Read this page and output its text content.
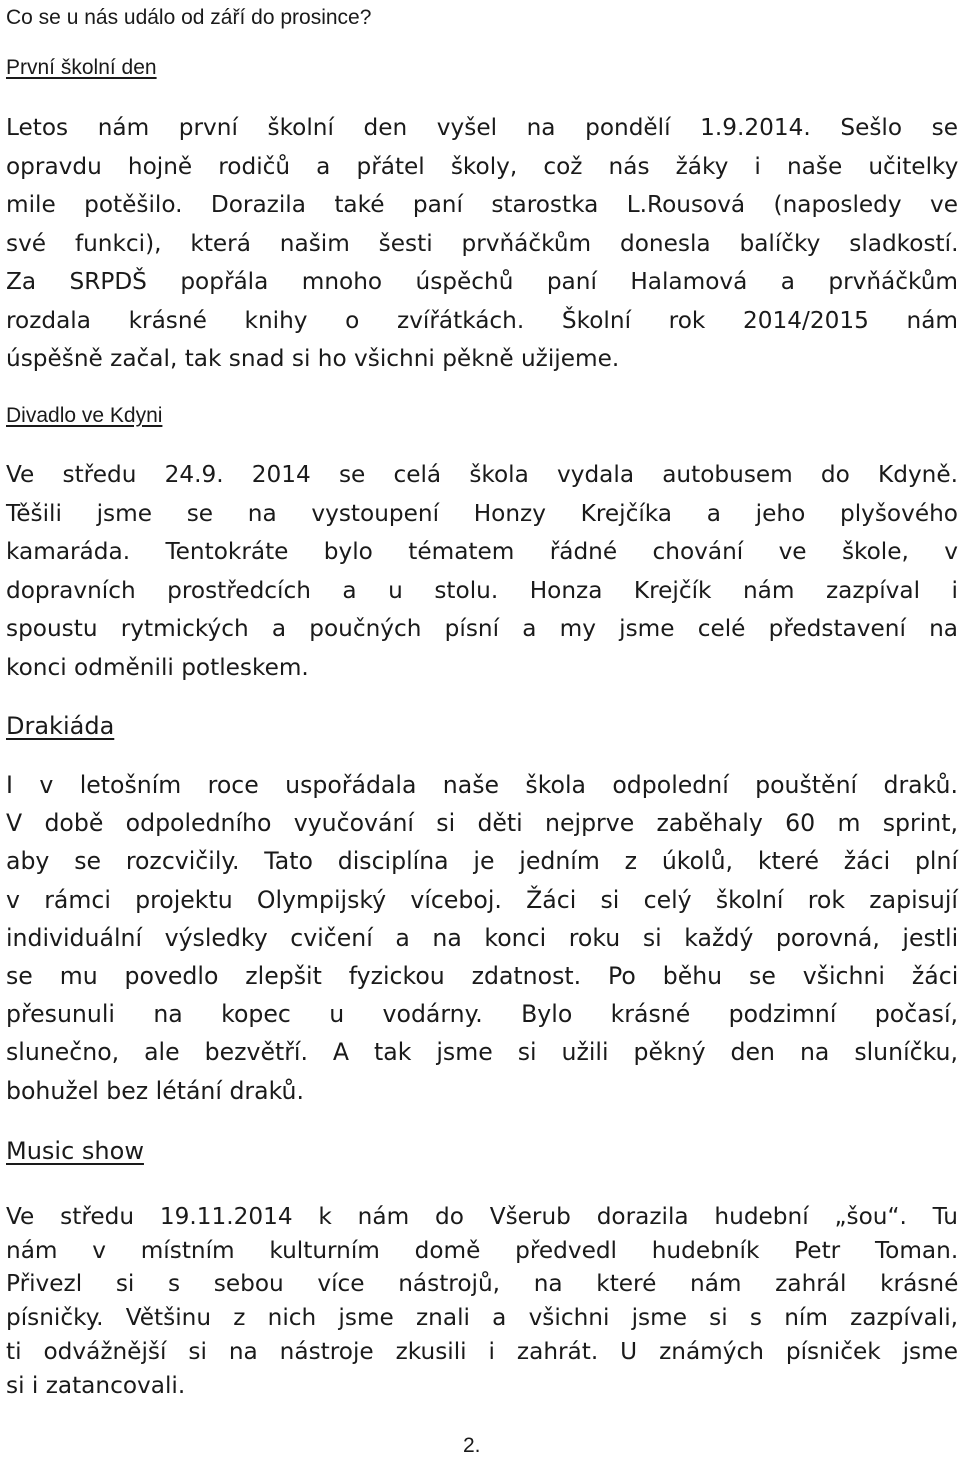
Co se u nás událo od září do prosince?
První školní den
Letos nám první školní den vyšel na pondělí 1.9.2014. Sešlo se
opravdu hojně rodičů a přátel školy, což nás žáky i naše učitelky
mile potěšilo. Dorazila také paní starostka L.Rousová (naposledy ve
své funkci), která našim šesti prvňáčkům donesla balíčky sladkostí.
Za SRPDŠ popřála mnoho úspěchů paní Halamová a prvňáčkům
rozdala krásné knihy o zvířátkách. Školní rok 2014/2015 nám
úspěšně začal, tak snad si ho všichni pěkně užijeme.
Divadlo ve Kdyni
Ve středu 24.9. 2014 se celá škola vydala autobusem do Kdyně.
Těšili jsme se na vystoupení Honzy Krejčíka a jeho plyšového
kamaráda. Tentokráte bylo tématem řádné chování ve škole, v
dopravních prostředcích a u stolu. Honza Krejčík nám zazpíval i
spoustu rytmických a poučných písní a my jsme celé představení na
konci odměnili potleskem.
Drakiáda
I v letošním roce uspořádala naše škola odpolední pouštění draků.
V době odpoledního vyučování si děti nejprve zaběhaly 60 m sprint,
aby se rozcvičily. Tato disciplína je jedním z úkolů, které žáci plní
v rámci projektu Olympijský víceboj. Žáci si celý školní rok zapisují
individuální výsledky cvičení a na konci roku si každý porovná, jestli
se mu povedlo zlepšit fyzickou zdatnost. Po běhu se všichni žáci
přesunuli na kopec u vodárny. Bylo krásné podzimní počasí,
slunečno, ale bezvětří. A tak jsme si užili pěkný den na sluníčku,
bohužel bez létání draků.
Music show
Ve středu 19.11.2014 k nám do Všerub dorazila hudební „šou“. Tu
nám v místním kulturním domě předvedl hudebník Petr Toman.
Přivezl si s sebou více nástrojů, na které nám zahrál krásné
písničky. Většinu z nich jsme znali a všichni jsme si s ním zazpívali,
ti odvážnější si na nástroje zkusili i zahrát. U známých písniček jsme
si i zatancovali.
2.
